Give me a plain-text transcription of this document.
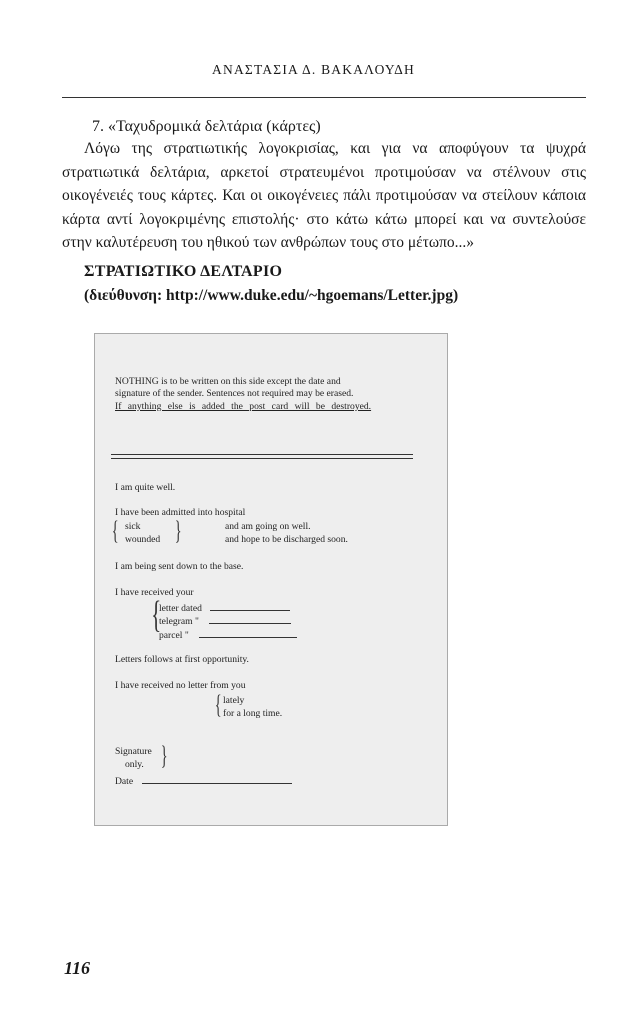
ΑΝΑΣΤΑΣΙΑ Δ. ΒΑΚΑΛΟΥΔΗ
7. «Ταχυδρομικά δελτάρια (κάρτες)

Λόγω της στρατιωτικής λογοκρισίας, και για να αποφύγουν τα ψυχρά στρατιωτικά δελτάρια, αρκετοί στρατευμένοι προτιμούσαν να στέλνουν στις οικογένειές τους κάρτες. Και οι οικογένειες πάλι προτιμούσαν να στείλουν κάποια κάρτα αντί λογοκριμένης επιστολής· στο κάτω κάτω μπορεί και να συντελούσε στην καλυτέρευση του ηθικού των ανθρώπων τους στο μέτωπο...»

ΣΤΡΑΤΙΩΤΙΚΟ ΔΕΛΤΑΡΙΟ
(διεύθυνση: http://www.duke.edu/~hgoemans/Letter.jpg)
NOTHING is to be written on this side except the date and
signature of the sender. Sentences not required may be erased.
If anything else is added the post card will be destroyed.
I am quite well.
I have been admitted into hospital
{ sick
wounded }	and am going on well.
and hope to be discharged soon.
I am being sent down to the base.
I have received your
{
letter dated
telegram "
parcel "
Letters follows at first opportunity.
I have received no letter from you
{ lately
for a long time.
Signature
only. }
Date
116
